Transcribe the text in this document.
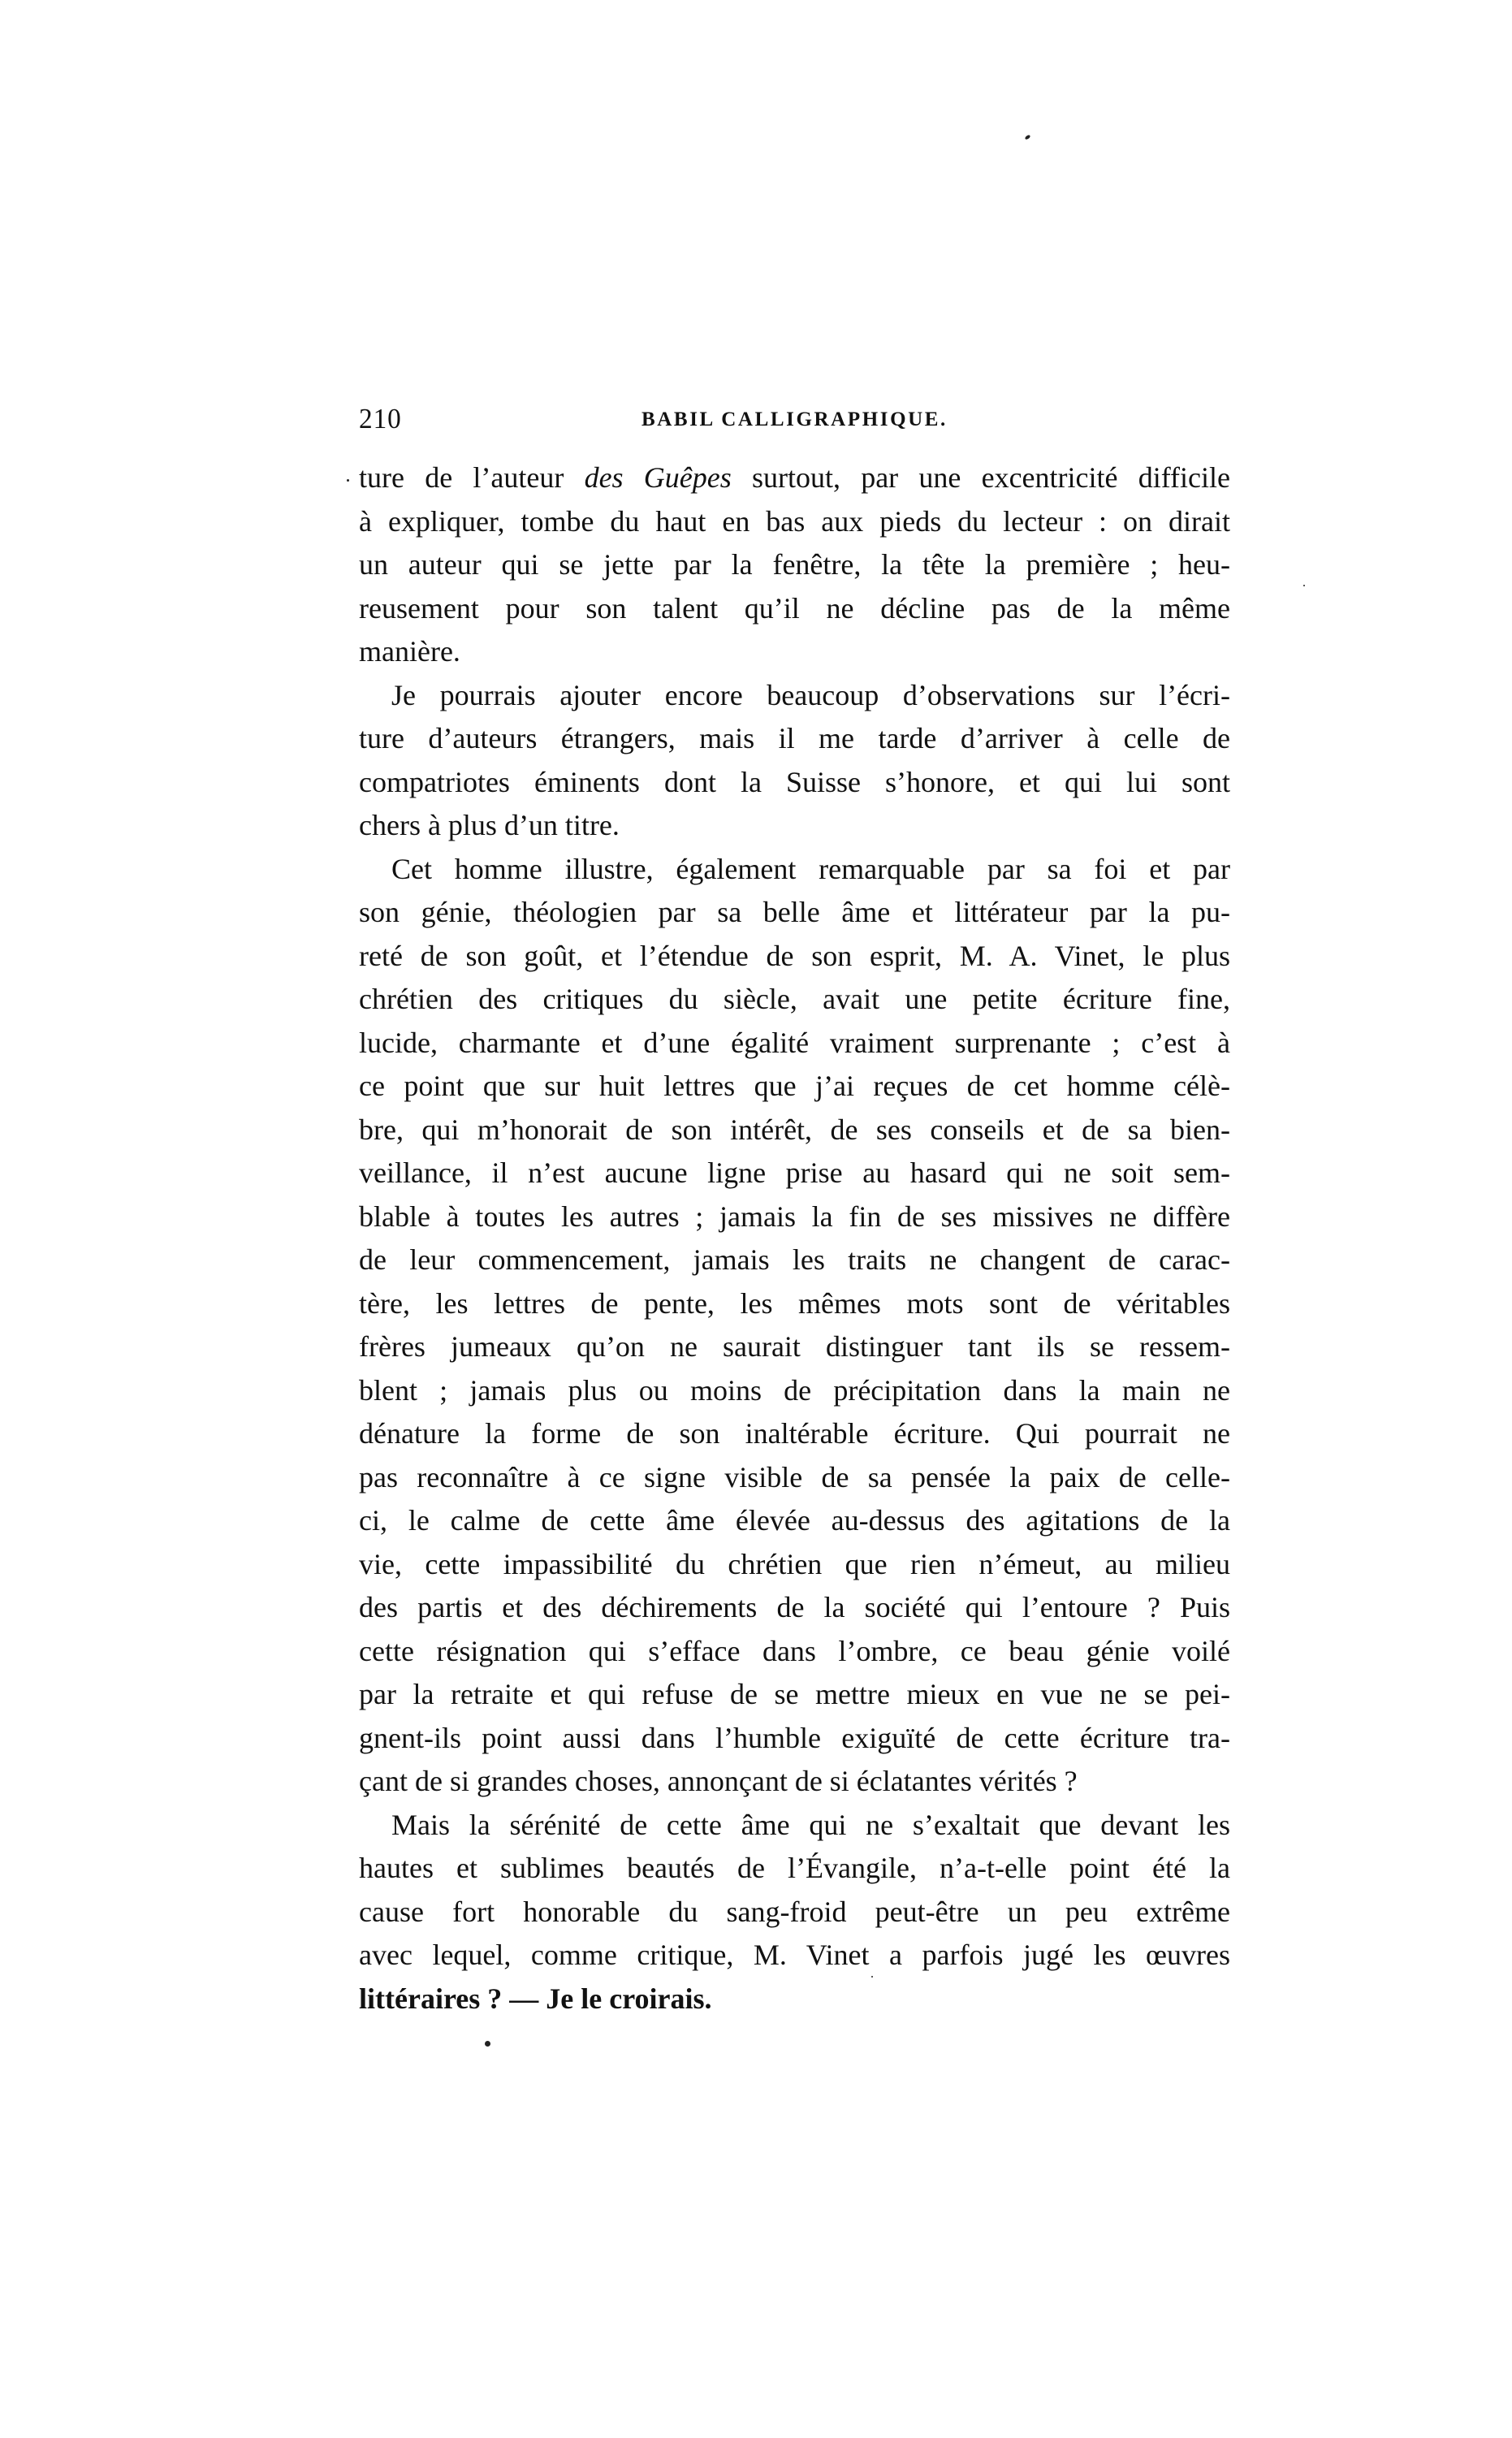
210	BABIL CALLIGRAPHIQUE.
ture de l’auteur des Guêpes surtout, par une excentricité difficile
à expliquer, tombe du haut en bas aux pieds du lecteur : on dirait
un auteur qui se jette par la fenêtre, la tête la première ; heu-
reusement pour son talent qu’il ne décline pas de la même
manière.
Je pourrais ajouter encore beaucoup d’observations sur l’écri-
ture d’auteurs étrangers, mais il me tarde d’arriver à celle de
compatriotes éminents dont la Suisse s’honore, et qui lui sont
chers à plus d’un titre.
Cet homme illustre, également remarquable par sa foi et par
son génie, théologien par sa belle âme et littérateur par la pu-
reté de son goût, et l’étendue de son esprit, M. A. Vinet, le plus
chrétien des critiques du siècle, avait une petite écriture fine,
lucide, charmante et d’une égalité vraiment surprenante ; c’est à
ce point que sur huit lettres que j’ai reçues de cet homme célè-
bre, qui m’honorait de son intérêt, de ses conseils et de sa bien-
veillance, il n’est aucune ligne prise au hasard qui ne soit sem-
blable à toutes les autres ; jamais la fin de ses missives ne diffère
de leur commencement, jamais les traits ne changent de carac-
tère, les lettres de pente, les mêmes mots sont de véritables
frères jumeaux qu’on ne saurait distinguer tant ils se ressem-
blent ; jamais plus ou moins de précipitation dans la main ne
dénature la forme de son inaltérable écriture. Qui pourrait ne
pas reconnaître à ce signe visible de sa pensée la paix de celle-
ci, le calme de cette âme élevée au-dessus des agitations de la
vie, cette impassibilité du chrétien que rien n’émeut, au milieu
des partis et des déchirements de la société qui l’entoure ? Puis
cette résignation qui s’efface dans l’ombre, ce beau génie voilé
par la retraite et qui refuse de se mettre mieux en vue ne se pei-
gnent-ils point aussi dans l’humble exiguïté de cette écriture tra-
çant de si grandes choses, annonçant de si éclatantes vérités ?
Mais la sérénité de cette âme qui ne s’exaltait que devant les
hautes et sublimes beautés de l’Évangile, n’a-t-elle point été la
cause fort honorable du sang-froid peut-être un peu extrême
avec lequel, comme critique, M. Vinet a parfois jugé les œuvres
littéraires ? — Je le croirais.
